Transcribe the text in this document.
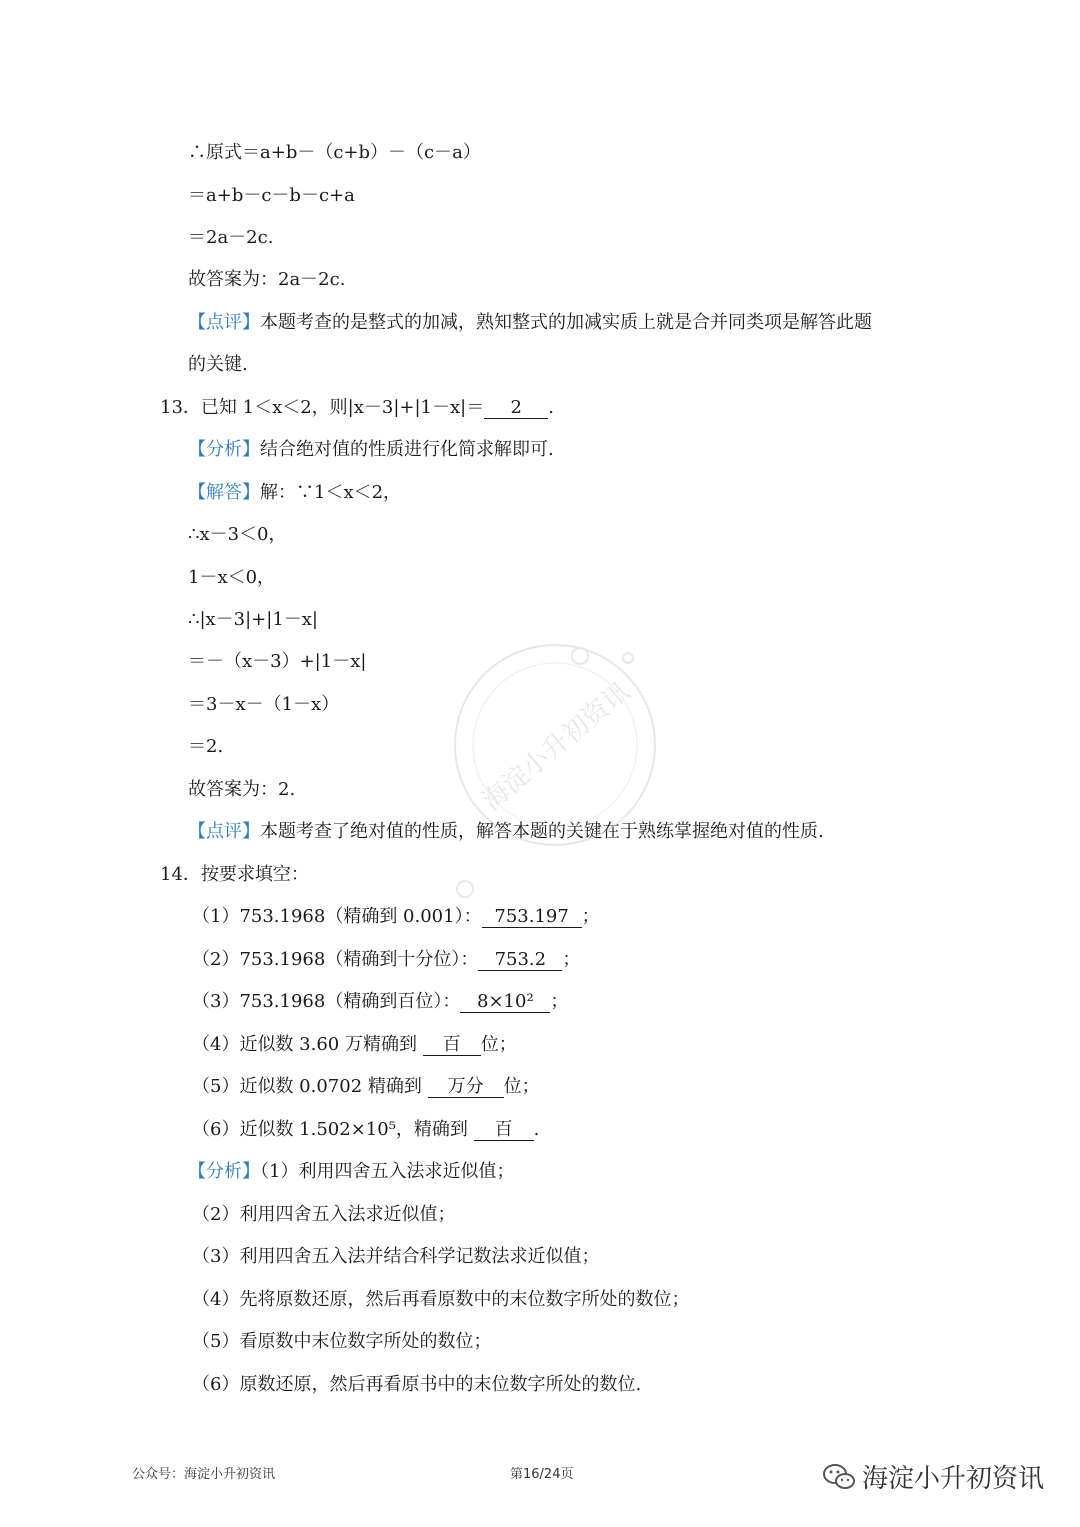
∴原式＝a+b－（c+b）－（c－a）
＝a+b－c－b－c+a
＝2a－2c.
故答案为：2a－2c.
【点评】本题考查的是整式的加减，熟知整式的加减实质上就是合并同类项是解答此题
的关键.
13．已知 1＜x＜2，则|x－3|+|1－x|＝ 2 .
【分析】结合绝对值的性质进行化简求解即可.
【解答】解：∵1＜x＜2，
∴x－3＜0，
1－x＜0，
∴|x－3|+|1－x|
＝－（x－3）+|1－x|
＝3－x－（1－x）
＝2.
故答案为：2.
【点评】本题考查了绝对值的性质，解答本题的关键在于熟练掌握绝对值的性质.
14．按要求填空：
（1）753.1968（精确到 0.001）： 753.197 ；
（2）753.1968（精确到十分位）： 753.2 ；
（3）753.1968（精确到百位）： 8×10² ；
（4）近似数 3.60 万精确到 百 位；
（5）近似数 0.0702 精确到 万分 位；
（6）近似数 1.502×10⁵，精确到 百 .
【分析】（1）利用四舍五入法求近似值；
（2）利用四舍五入法求近似值；
（3）利用四舍五入法并结合科学记数法求近似值；
（4）先将原数还原，然后再看原数中的末位数字所处的数位；
（5）看原数中末位数字所处的数位；
（6）原数还原，然后再看原书中的末位数字所处的数位.
海淀小升初资讯
公众号：海淀小升初资讯	第16/24页	海淀小升初资讯
